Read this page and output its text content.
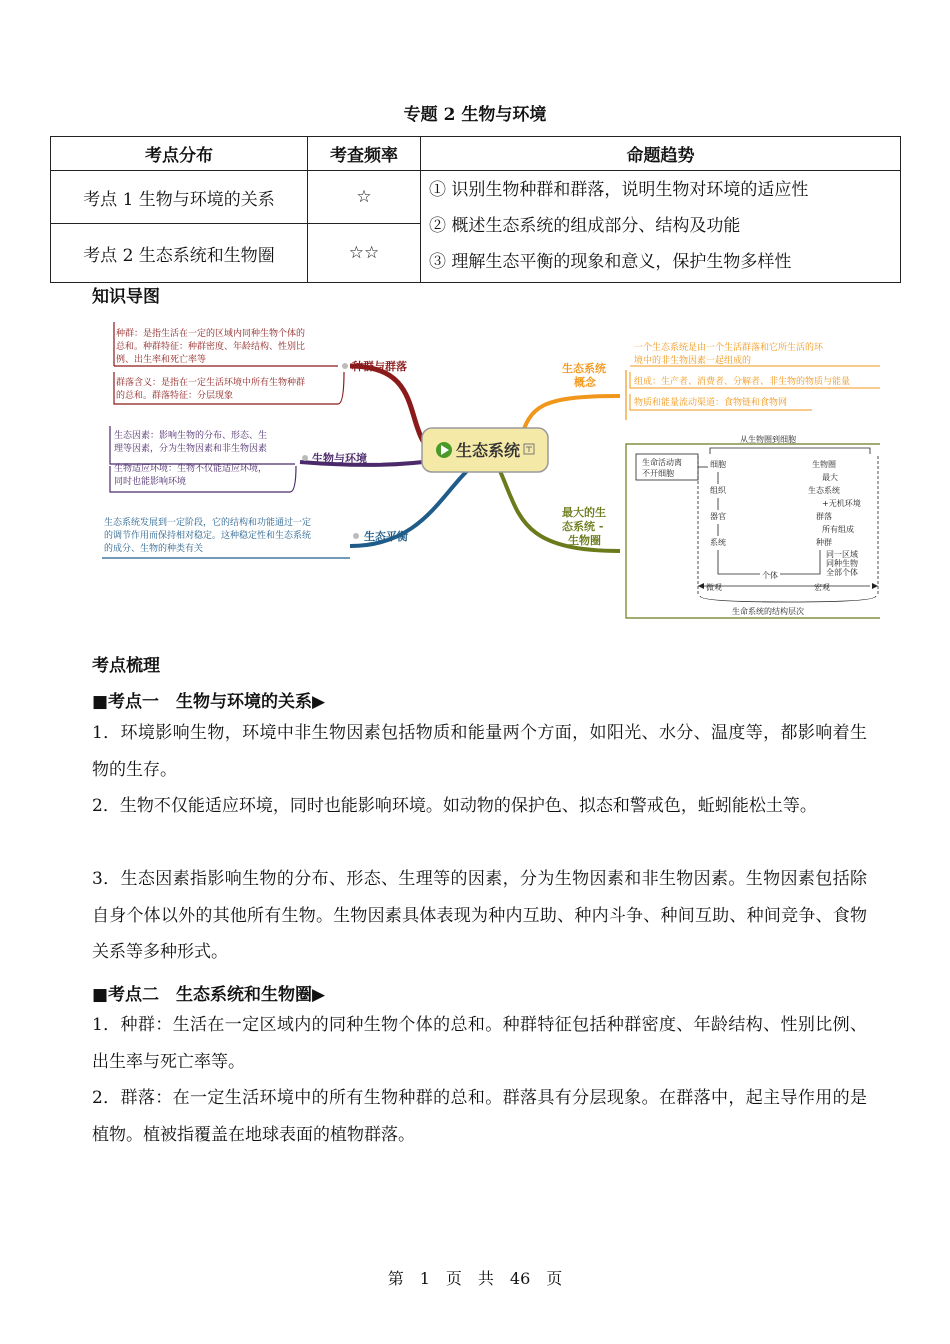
专题 2 生物与环境
考点分布	考查频率	命题趋势
考点 1 生物与环境的关系	☆	① 识别生物种群和群落，说明生物对环境的适应性
② 概述生态系统的组成部分、结构及功能
③ 理解生态平衡的现象和意义，保护生物多样性

考点 2 生态系统和生物圈	☆☆	
知识导图
种群与群落
种群：是指生活在一定的区域内同种生物个体的
总和。种群特征：种群密度、年龄结构、性别比
例、出生率和死亡率等
群落含义：是指在一定生活环境中所有生物种群
的总和。群落特征：分层现象
生物与环境
生态因素：影响生物的分布、形态、生
理等因素，分为生物因素和非生物因素
生物适应环境：生物不仅能适应环境，
同时也能影响环境
生态平衡
生态系统发展到一定阶段，它的结构和功能通过一定
的调节作用而保持相对稳定。这种稳定性和生态系统
的成分、生物的种类有关
生态系统
生态系统
概念
一个生态系统是由一个生活群落和它所生活的环
境中的非生物因素一起组成的
组成：生产者、消费者、分解者、非生物的物质与能量
物质和能量流动渠道：食物链和食物网
最大的生
态系统 -
生物圈
从生物圈到细胞
生命活动离
不开细胞
细胞
组织
器官
系统
生物圈
最大
生态系统
+无机环境
群落
所有组成
种群
同一区域
同种生物
全部个体
个体
微观	宏观
生命系统的结构层次
考点梳理
■考点一　生物与环境的关系▶
1．环境影响生物，环境中非生物因素包括物质和能量两个方面，如阳光、水分、温度等，都影响着生物的生存。
2．生物不仅能适应环境，同时也能影响环境。如动物的保护色、拟态和警戒色，蚯蚓能松土等。
3．生态因素指影响生物的分布、形态、生理等的因素，分为生物因素和非生物因素。生物因素包括除自身个体以外的其他所有生物。生物因素具体表现为种内互助、种内斗争、种间互助、种间竞争、食物关系等多种形式。
■考点二　生态系统和生物圈▶
1．种群：生活在一定区域内的同种生物个体的总和。种群特征包括种群密度、年龄结构、性别比例、出生率与死亡率等。
2．群落：在一定生活环境中的所有生物种群的总和。群落具有分层现象。在群落中，起主导作用的是植物。植被指覆盖在地球表面的植物群落。
第　1　页　共　46　页
